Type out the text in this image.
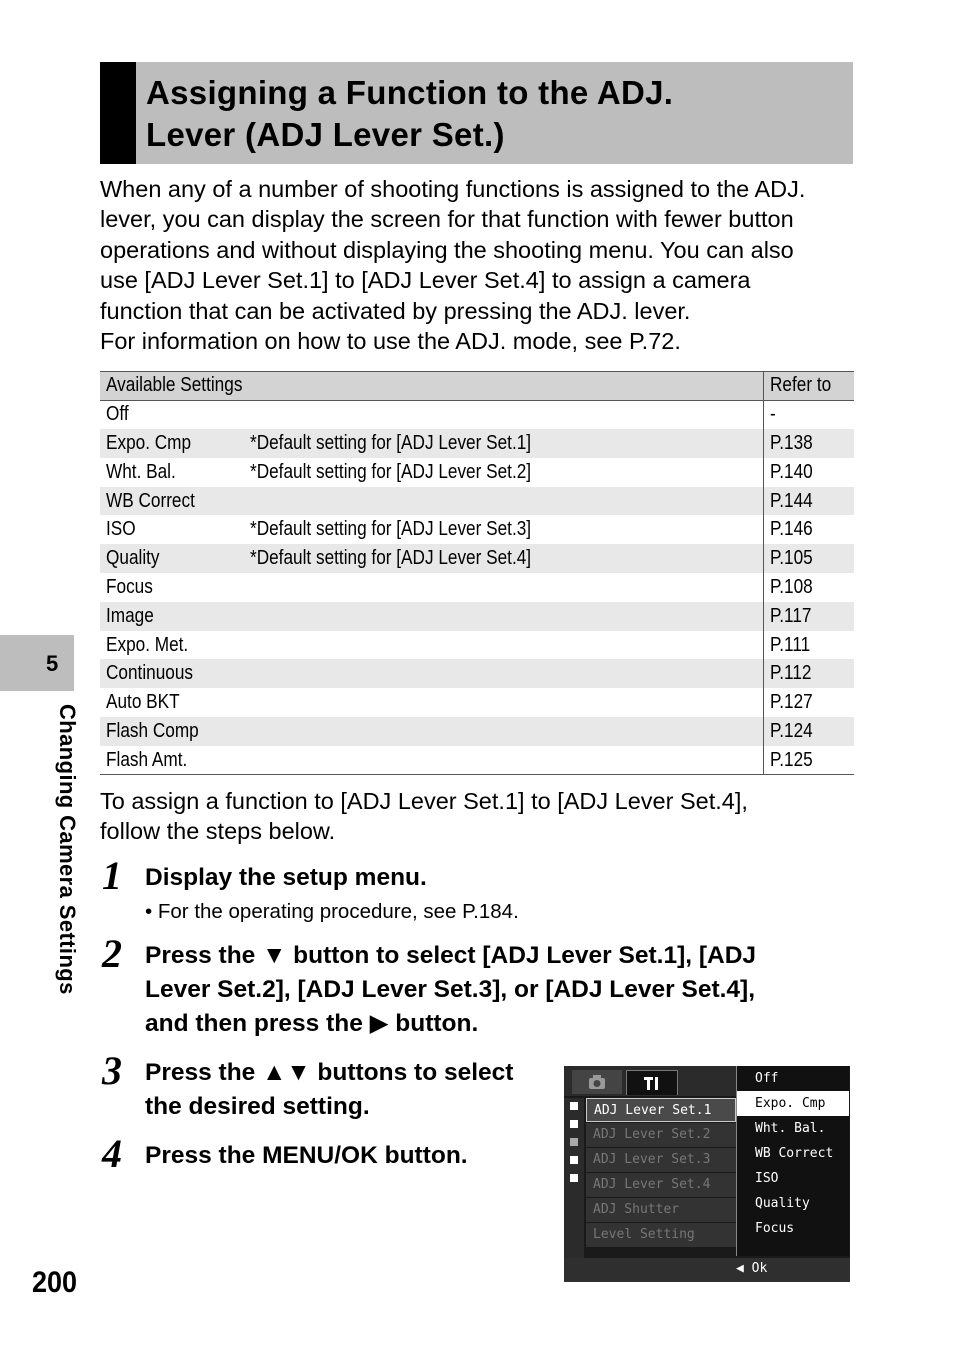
Assigning a Function to the ADJ.
Lever (ADJ Lever Set.)

When any of a number of shooting functions is assigned to the ADJ.

lever, you can display the screen for that function with fewer button

operations and without displaying the shooting menu. You can also

use [ADJ Lever Set.1] to [ADJ Lever Set.4] to assign a camera

function that can be activated by pressing the ADJ. lever.

For information on how to use the ADJ. mode, see P.72.

Available Settings		Refer to
Off		-
Expo. Cmp	*Default setting for [ADJ Lever Set.1]	P.138
Wht. Bal.	*Default setting for [ADJ Lever Set.2]	P.140
WB Correct		P.144
ISO	*Default setting for [ADJ Lever Set.3]	P.146
Quality	*Default setting for [ADJ Lever Set.4]	P.105
Focus		P.108
Image		P.117
Expo. Met.		P.111
Continuous		P.112
Auto BKT		P.127
Flash Comp		P.124
Flash Amt.		P.125

To assign a function to [ADJ Lever Set.1] to [ADJ Lever Set.4],

follow the steps below.

1 Display the setup menu.
• For the operating procedure, see P.184.
2 Press the ▼ button to select [ADJ Lever Set.1], [ADJ
Lever Set.2], [ADJ Lever Set.3], or [ADJ Lever Set.4],
and then press the ▶ button.
3 Press the ▲▼ buttons to select
the desired setting.
4 Press the MENU/OK button.
5
Changing Camera Settings
200
ADJ Lever Set.1
ADJ Lever Set.2
ADJ Lever Set.3
ADJ Lever Set.4
ADJ Shutter
Level Setting
Off
Expo. Cmp
Wht. Bal.
WB Correct
ISO
Quality
Focus
◀ Ok
